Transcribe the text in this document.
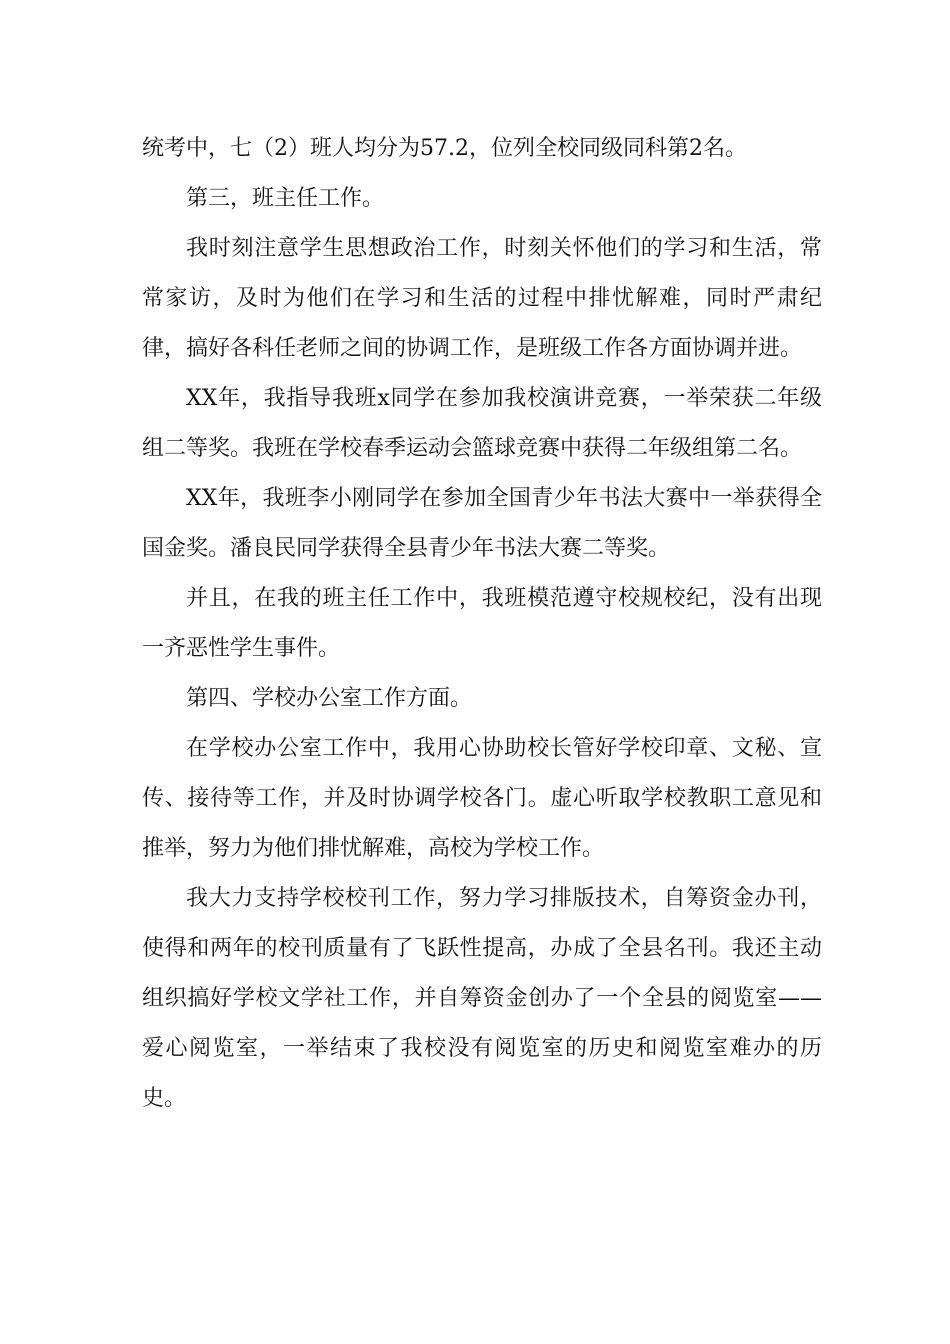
统考中，七（2）班人均分为57.2，位列全校同级同科第2名。

第三，班主任工作。

我时刻注意学生思想政治工作，时刻关怀他们的学习和生活，常常家访，及时为他们在学习和生活的过程中排忧解难，同时严肃纪律，搞好各科任老师之间的协调工作，是班级工作各方面协调并进。

XX年，我指导我班x同学在参加我校演讲竞赛，一举荣获二年级组二等奖。我班在学校春季运动会篮球竞赛中获得二年级组第二名。

XX年，我班李小刚同学在参加全国青少年书法大赛中一举获得全国金奖。潘良民同学获得全县青少年书法大赛二等奖。

并且，在我的班主任工作中，我班模范遵守校规校纪，没有出现一齐恶性学生事件。

第四、学校办公室工作方面。

在学校办公室工作中，我用心协助校长管好学校印章、文秘、宣传、接待等工作，并及时协调学校各门。虚心听取学校教职工意见和推举，努力为他们排忧解难，高校为学校工作。

我大力支持学校校刊工作，努力学习排版技术，自筹资金办刊，使得和两年的校刊质量有了飞跃性提高，办成了全县名刊。我还主动组织搞好学校文学社工作，并自筹资金创办了一个全县的阅览室——爱心阅览室，一举结束了我校没有阅览室的历史和阅览室难办的历史。
